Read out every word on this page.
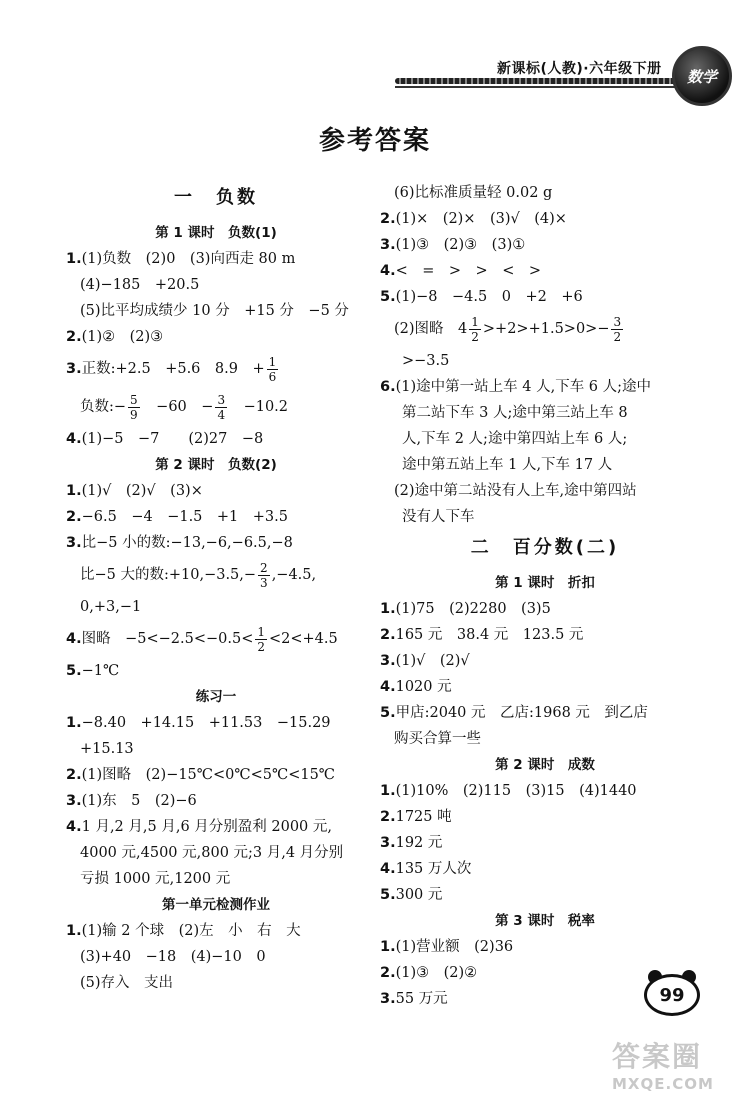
新课标(人教)·六年级下册 数学
参考答案
一　负数
第 1 课时　负数(1)
1.(1)负数　(2)0　(3)向西走 80 m
(4)−185　+20.5
(5)比平均成绩少 10 分　+15 分　−5 分
2.(1)②　(2)③
3.正数:+2.5　+5.6　8.9　+ $\frac{1}{6}$
负数:− $\frac{5}{9}$ 　−60　− $\frac{3}{4}$ 　−10.2
4.(1)−5　−7　　(2)27　−8
第 2 课时　负数(2)
1.(1)√　(2)√　(3)×
2.−6.5　−4　−1.5　+1　+3.5
3.比−5 小的数:−13,−6,−6.5,−8
比−5 大的数:+10,−3.5,− $\frac{2}{3} ,-4.5$,
0,+3,−1
4.图略　$-5<-2.5<-0.5< \frac{1}{2} <2<+4.5$
5.−1℃
练习一
1.−8.40　+14.15　+11.53　−15.29
+15.13
2.(1)图略　(2)−15℃<0℃<5℃<15℃
3.(1)东　5　(2)−6
4.1 月,2 月,5 月,6 月分别盈利 2000 元,
4000 元,4500 元,800 元;3 月,4 月分别
亏损 1000 元,1200 元
第一单元检测作业
1.(1)输 2 个球　(2)左　小　右　大
(3)+40　−18　(4)−10　0
(5)存入　支出
(6)比标准质量轻 0.02 g
2.(1)×　(2)×　(3)√　(4)×
3.(1)③　(2)③　(3)①
4.<　=　>　>　<　>
5.(1)−8　−4.5　0　+2　+6
(2)图略　$4 \frac{1}{2} >+2>+1.5>0>- \frac{3}{2}$
>−3.5
6.(1)途中第一站上车 4 人,下车 6 人;途中
第二站下车 3 人;途中第三站上车 8
人,下车 2 人;途中第四站上车 6 人;
途中第五站上车 1 人,下车 17 人
(2)途中第二站没有人上车,途中第四站
没有人下车
二　百分数(二)
第 1 课时　折扣
1.(1)75　(2)2280　(3)5
2.165 元　38.4 元　123.5 元
3.(1)√　(2)√
4.1020 元
5.甲店:2040 元　乙店:1968 元　到乙店
购买合算一些
第 2 课时　成数
1.(1)10%　(2)115　(3)15　(4)1440
2.1725 吨
3.192 元
4.135 万人次
5.300 元
第 3 课时　税率
1.(1)营业额　(2)36
2.(1)③　(2)②
3.55 万元	99
答案圈
MXQE.COM
